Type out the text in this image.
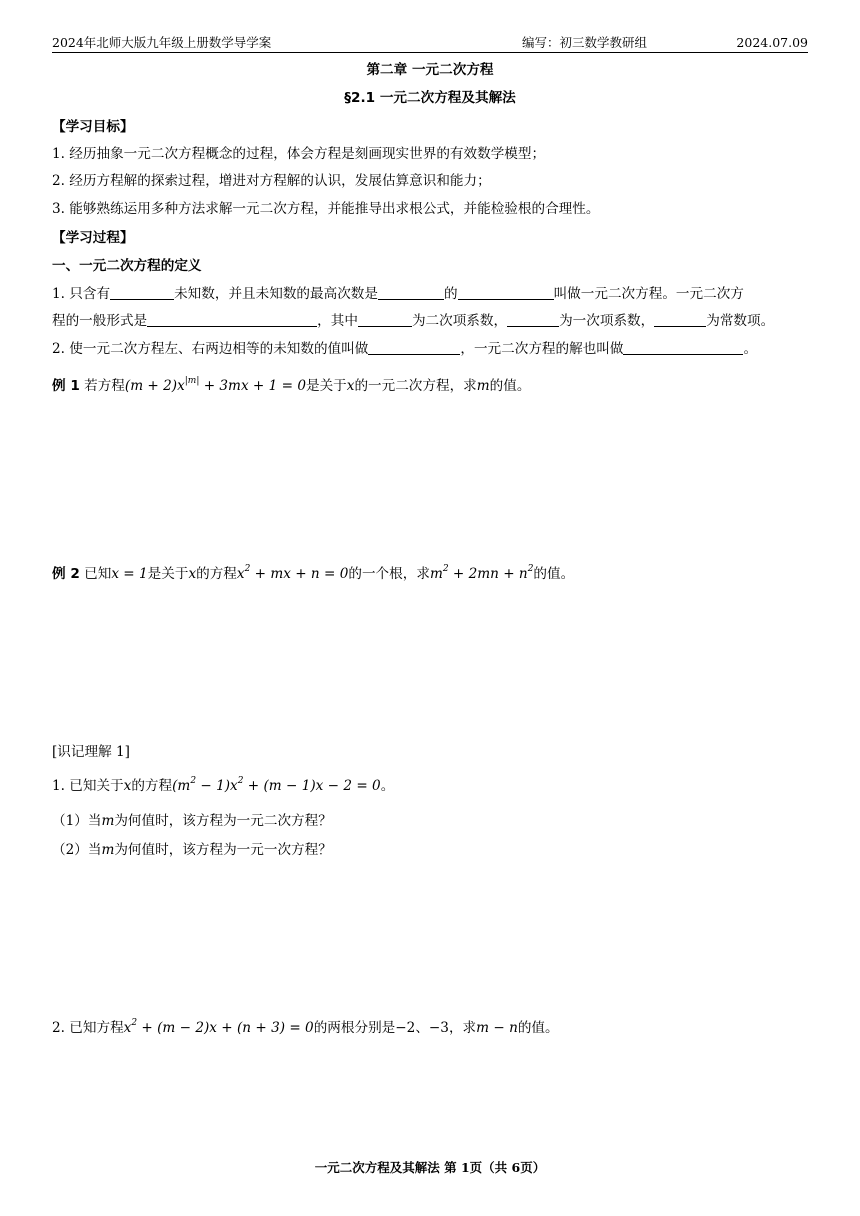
2024年北师大版九年级上册数学导学案	编写：初三数学教研组	2024.07.09
第二章 一元二次方程
§2.1 一元二次方程及其解法
【学习目标】
1. 经历抽象一元二次方程概念的过程，体会方程是刻画现实世界的有效数学模型；
2. 经历方程解的探索过程，增进对方程解的认识，发展估算意识和能力；
3. 能够熟练运用多种方法求解一元二次方程，并能推导出求根公式，并能检验根的合理性。
【学习过程】
一、一元二次方程的定义
1. 只含有	未知数，并且未知数的最高次数是	的	叫做一元二次方程。一元二次方
程的一般形式是	，其中	为二次项系数，	为一次项系数，	为常数项。
2. 使一元二次方程左、右两边相等的未知数的值叫做	，一元二次方程的解也叫做	。
例 1 若方程$(m + 2)x^{|m|} + 3mx + 1 = 0$是关于x的一元二次方程，求m的值。
例 2 已知x = 1是关于x的方程$x^2$ + mx + n = 0的一个根，求$m^2 + 2mn + n^2$的值。
[识记理解 1]
1. 已知关于x的方程$(m^2 - 1)x^2 + (m - 1)x - 2 = 0$。
（1）当m为何值时，该方程为一元二次方程？
（2）当m为何值时，该方程为一元一次方程？
2. 已知方程$x^2 + (m - 2)x + (n + 3) = 0$的两根分别是−2、−3，求m − n的值。
一元二次方程及其解法 第 1页（共 6页）
